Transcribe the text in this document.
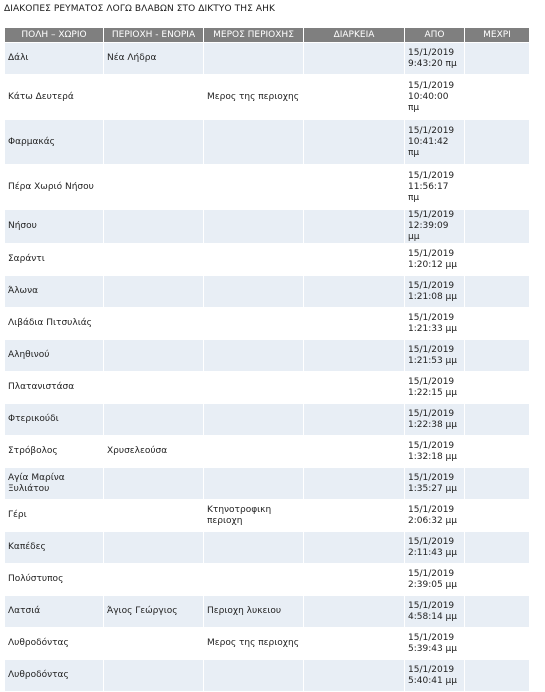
ΔΙΑΚΟΠΕΣ ΡΕΥΜΑΤΟΣ ΛΟΓΩ ΒΛΑΒΩΝ ΣΤΟ ΔΙΚΤΥΟ ΤΗΣ ΑΗΚ
ΠΟΛΗ – ΧΩΡΙΟ	ΠΕΡΙΟΧΗ - ΕΝΟΡΙΑ	ΜΕΡΟΣ ΠΕΡΙΟΧΗΣ	ΔΙΑΡΚΕΙΑ	ΑΠΟ	ΜΕΧΡΙ
Δάλι	Νέα Λήδρα			15/1/2019 9:43:20 πμ	
Κάτω Δευτερά		Μερος της περιοχης		15/1/2019 10:40:00 πμ	
Φαρμακάς				15/1/2019 10:41:42 πμ	
Πέρα Χωριό Νήσου				15/1/2019 11:56:17 πμ	
Νήσου				15/1/2019 12:39:09 μμ	
Σαράντι				15/1/2019 1:20:12 μμ	
Άλωνα				15/1/2019 1:21:08 μμ	
Λιβάδια Πιτσυλιάς				15/1/2019 1:21:33 μμ	
Αληθινού				15/1/2019 1:21:53 μμ	
Πλατανιστάσα				15/1/2019 1:22:15 μμ	
Φτερικούδι				15/1/2019 1:22:38 μμ	
Στρόβολος	Χρυσελεούσα			15/1/2019 1:32:18 μμ	
Αγία Μαρίνα Ξυλιάτου				15/1/2019 1:35:27 μμ	
Γέρι		Κτηνοτροφικη περιοχη		15/1/2019 2:06:32 μμ	
Καπέδες				15/1/2019 2:11:43 μμ	
Πολύστυπος				15/1/2019 2:39:05 μμ	
Λατσιά	Άγιος Γεώργιος	Περιοχη λυκειου		15/1/2019 4:58:14 μμ	
Λυθροδόντας		Μερος της περιοχης		15/1/2019 5:39:43 μμ	
Λυθροδόντας				15/1/2019 5:40:41 μμ	
